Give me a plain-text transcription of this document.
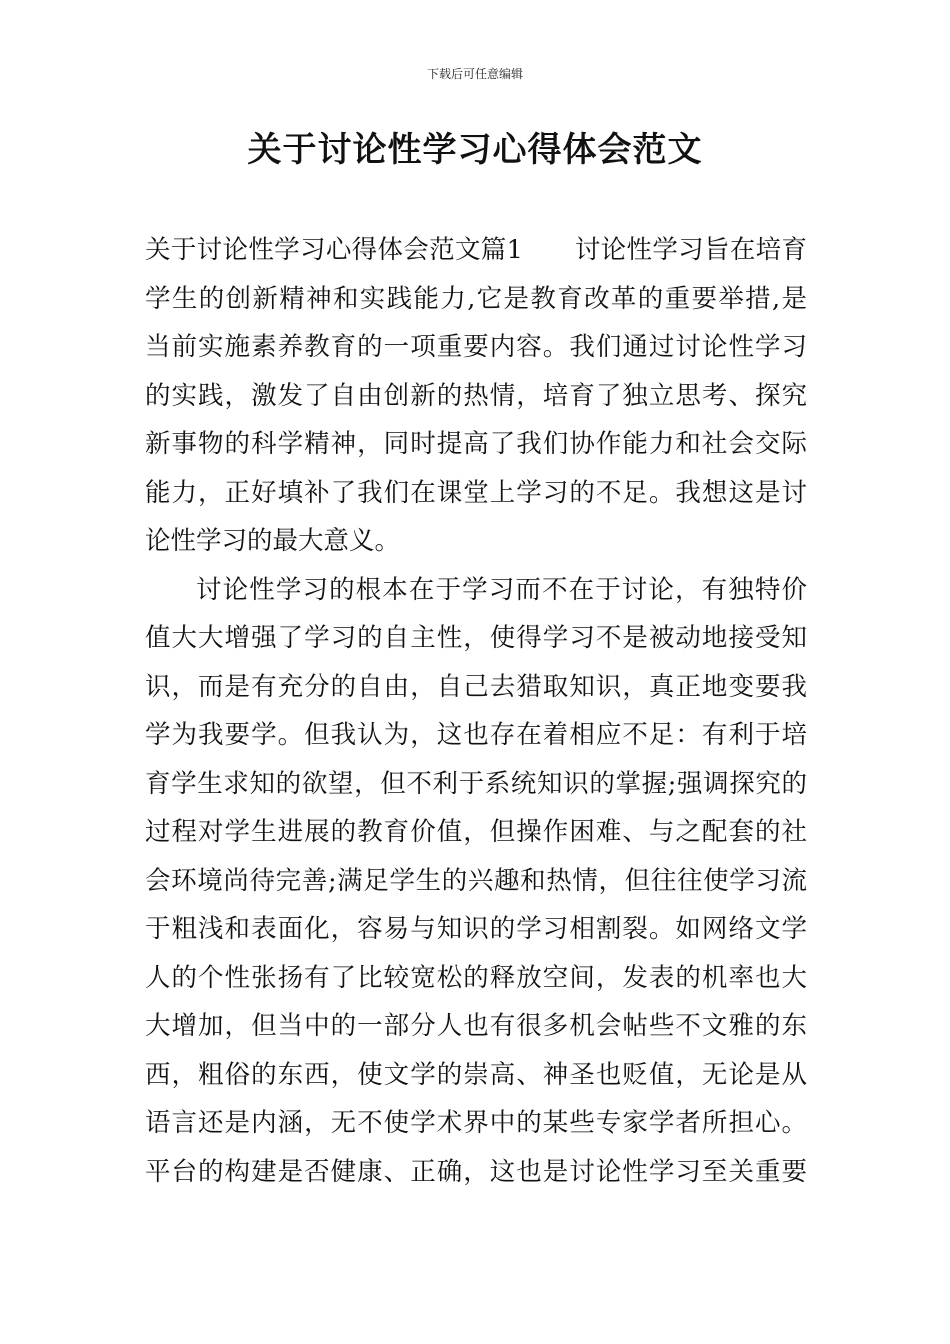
下载后可任意编辑
关于讨论性学习心得体会范文
关于讨论性学习心得体会范文篇1　　讨论性学习旨在培育
学生的创新精神和实践能力,它是教育改革的重要举措,是
当前实施素养教育的一项重要内容。我们通过讨论性学习
的实践，激发了自由创新的热情，培育了独立思考、探究
新事物的科学精神，同时提高了我们协作能力和社会交际
能力，正好填补了我们在课堂上学习的不足。我想这是讨
论性学习的最大意义。
讨论性学习的根本在于学习而不在于讨论，有独特价
值大大增强了学习的自主性，使得学习不是被动地接受知
识，而是有充分的自由，自己去猎取知识，真正地变要我
学为我要学。但我认为，这也存在着相应不足：有利于培
育学生求知的欲望，但不利于系统知识的掌握;强调探究的
过程对学生进展的教育价值，但操作困难、与之配套的社
会环境尚待完善;满足学生的兴趣和热情，但往往使学习流
于粗浅和表面化，容易与知识的学习相割裂。如网络文学
人的个性张扬有了比较宽松的释放空间，发表的机率也大
大增加，但当中的一部分人也有很多机会帖些不文雅的东
西，粗俗的东西，使文学的崇高、神圣也贬值，无论是从
语言还是内涵，无不使学术界中的某些专家学者所担心。
平台的构建是否健康、正确，这也是讨论性学习至关重要
